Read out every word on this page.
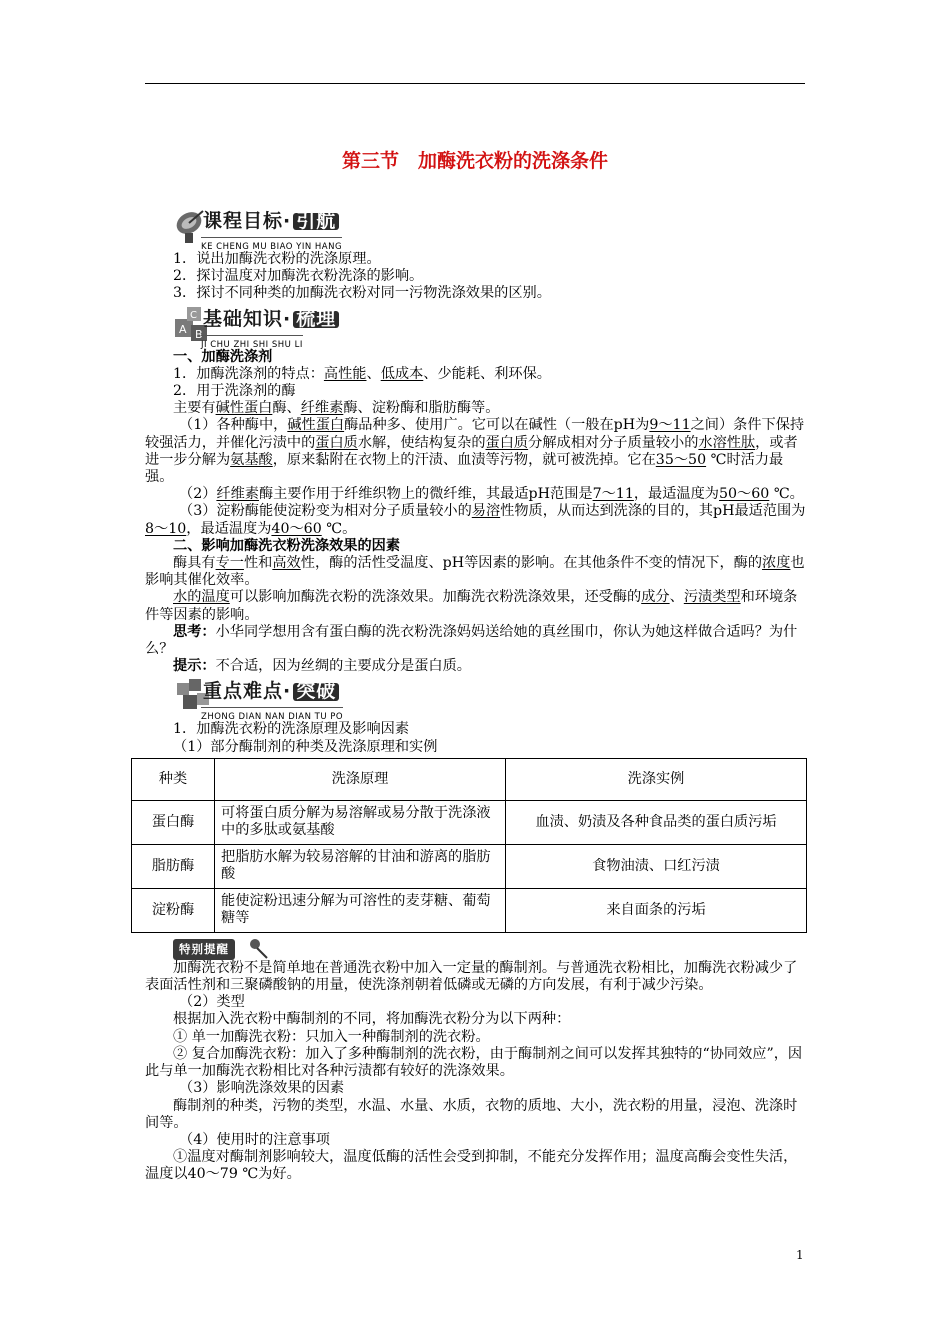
第三节　加酶洗衣粉的洗涤条件
课程目标· 引航
KE CHENG MU BIAO YIN HANG

1．说出加酶洗衣粉的洗涤原理。

2．探讨温度对加酶洗衣粉洗涤的影响。

3．探讨不同种类的加酶洗衣粉对同一污物洗涤效果的区别。

C
A B
基础知识· 梳理
JI CHU ZHI SHI SHU LI

一、加酶洗涤剂

1．加酶洗涤剂的特点：高性能、低成本、少能耗、利环保。

2．用于洗涤剂的酶

主要有碱性蛋白酶、纤维素酶、淀粉酶和脂肪酶等。

（1）各种酶中，碱性蛋白酶品种多、使用广。它可以在碱性（一般在pH为9～11之间）条件下保持较强活力，并催化污渍中的蛋白质水解，使结构复杂的蛋白质分解成相对分子质量较小的水溶性肽，或者进一步分解为氨基酸，原来黏附在衣物上的汗渍、血渍等污物，就可被洗掉。它在35～50 ℃时活力最强。

（2）纤维素酶主要作用于纤维织物上的微纤维，其最适pH范围是7～11，最适温度为50～60 ℃。

（3）淀粉酶能使淀粉变为相对分子质量较小的易溶性物质，从而达到洗涤的目的，其pH最适范围为8～10，最适温度为40～60 ℃。

二、影响加酶洗衣粉洗涤效果的因素

酶具有专一性和高效性，酶的活性受温度、pH等因素的影响。在其他条件不变的情况下，酶的浓度也影响其催化效率。

水的温度可以影响加酶洗衣粉的洗涤效果。加酶洗衣粉洗涤效果，还受酶的成分、污渍类型和环境条件等因素的影响。

思考：小华同学想用含有蛋白酶的洗衣粉洗涤妈妈送给她的真丝围巾，你认为她这样做合适吗？为什么？

提示：不合适，因为丝绸的主要成分是蛋白质。

重点难点· 突破
ZHONG DIAN NAN DIAN TU PO

1．加酶洗衣粉的洗涤原理及影响因素

（1）部分酶制剂的种类及洗涤原理和实例

种类	洗涤原理	洗涤实例
蛋白酶	可将蛋白质分解为易溶解或易分散于洗涤液中的多肽或氨基酸	血渍、奶渍及各种食品类的蛋白质污垢
脂肪酶	把脂肪水解为较易溶解的甘油和游离的脂肪酸	食物油渍、口红污渍
淀粉酶	能使淀粉迅速分解为可溶性的麦芽糖、葡萄糖等	来自面条的污垢
特别提醒

加酶洗衣粉不是简单地在普通洗衣粉中加入一定量的酶制剂。与普通洗衣粉相比，加酶洗衣粉减少了表面活性剂和三聚磷酸钠的用量，使洗涤剂朝着低磷或无磷的方向发展，有利于减少污染。

（2）类型

根据加入洗衣粉中酶制剂的不同，将加酶洗衣粉分为以下两种：

① 单一加酶洗衣粉：只加入一种酶制剂的洗衣粉。

② 复合加酶洗衣粉：加入了多种酶制剂的洗衣粉，由于酶制剂之间可以发挥其独特的“协同效应”，因此与单一加酶洗衣粉相比对各种污渍都有较好的洗涤效果。

（3）影响洗涤效果的因素

酶制剂的种类，污物的类型，水温、水量、水质，衣物的质地、大小，洗衣粉的用量，浸泡、洗涤时间等。

（4）使用时的注意事项

①温度对酶制剂影响较大，温度低酶的活性会受到抑制，不能充分发挥作用；温度高酶会变性失活，温度以40～79 ℃为好。

1
